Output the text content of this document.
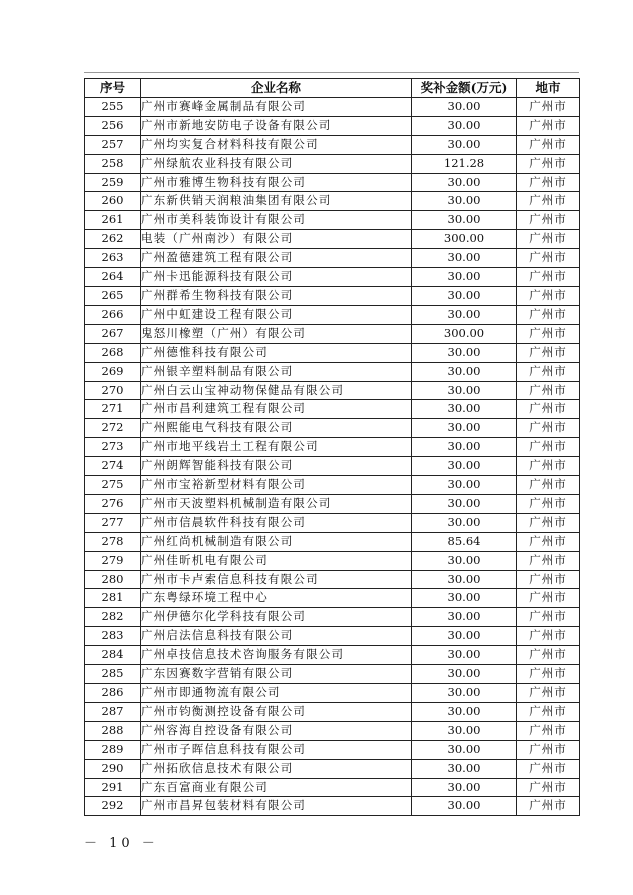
序号	企业名称	奖补金额(万元)	地市
255	广州市赛峰金属制品有限公司	30.00	广州市
256	广州市新地安防电子设备有限公司	30.00	广州市
257	广州均实复合材料科技有限公司	30.00	广州市
258	广州绿航农业科技有限公司	121.28	广州市
259	广州市雅博生物科技有限公司	30.00	广州市
260	广东新供销天润粮油集团有限公司	30.00	广州市
261	广州市美科装饰设计有限公司	30.00	广州市
262	电装（广州南沙）有限公司	300.00	广州市
263	广州盈德建筑工程有限公司	30.00	广州市
264	广州卡迅能源科技有限公司	30.00	广州市
265	广州群希生物科技有限公司	30.00	广州市
266	广州中虹建设工程有限公司	30.00	广州市
267	鬼怒川橡塑（广州）有限公司	300.00	广州市
268	广州德惟科技有限公司	30.00	广州市
269	广州银辛塑料制品有限公司	30.00	广州市
270	广州白云山宝神动物保健品有限公司	30.00	广州市
271	广州市昌利建筑工程有限公司	30.00	广州市
272	广州熙能电气科技有限公司	30.00	广州市
273	广州市地平线岩土工程有限公司	30.00	广州市
274	广州朗辉智能科技有限公司	30.00	广州市
275	广州市宝裕新型材料有限公司	30.00	广州市
276	广州市天波塑料机械制造有限公司	30.00	广州市
277	广州市信晨软件科技有限公司	30.00	广州市
278	广州红尚机械制造有限公司	85.64	广州市
279	广州佳昕机电有限公司	30.00	广州市
280	广州市卡卢索信息科技有限公司	30.00	广州市
281	广东粤绿环境工程中心	30.00	广州市
282	广州伊德尔化学科技有限公司	30.00	广州市
283	广州启法信息科技有限公司	30.00	广州市
284	广州卓技信息技术咨询服务有限公司	30.00	广州市
285	广东因赛数字营销有限公司	30.00	广州市
286	广州市即通物流有限公司	30.00	广州市
287	广州市钧衡测控设备有限公司	30.00	广州市
288	广州容海自控设备有限公司	30.00	广州市
289	广州市子晖信息科技有限公司	30.00	广州市
290	广州拓欣信息技术有限公司	30.00	广州市
291	广东百富商业有限公司	30.00	广州市
292	广州市昌昇包装材料有限公司	30.00	广州市
－ 10 －
